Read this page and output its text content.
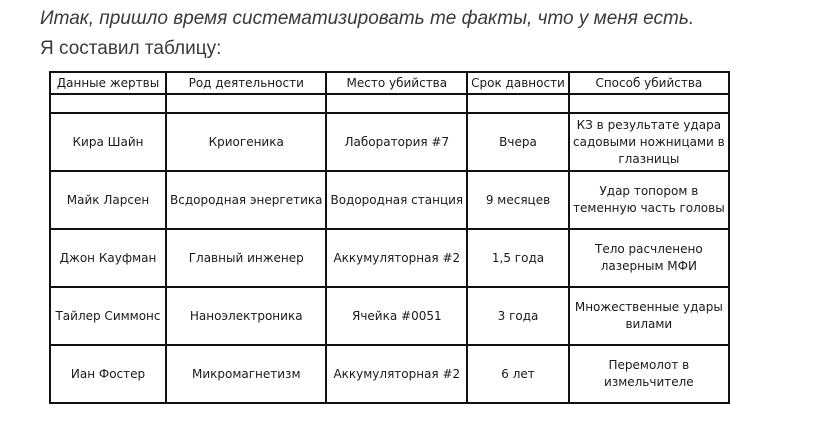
Итак, пришло время систематизировать те факты, что у меня есть.
Я составил таблицу:
Данные жертвы	Род деятельности	Место убийства	Срок давности	Способ убийства

Кира Шайн	Криогеника	Лаборатория #7	Вчера	КЗ в результате удара садовыми ножницами в глазницы
Майк Ларсен	Всдородная энергетика	Водородная станция	9 месяцев	Удар топором в теменную часть головы
Джон Кауфман	Главный инженер	Аккумуляторная #2	1,5 года	Тело расчленено лазерным МФИ
Тайлер Симмонс	Наноэлектроника	Ячейка #0051	3 года	Множественные удары вилами
Иан Фостер	Микромагнетизм	Аккумуляторная #2	6 лет	Перемолот в измельчителе
